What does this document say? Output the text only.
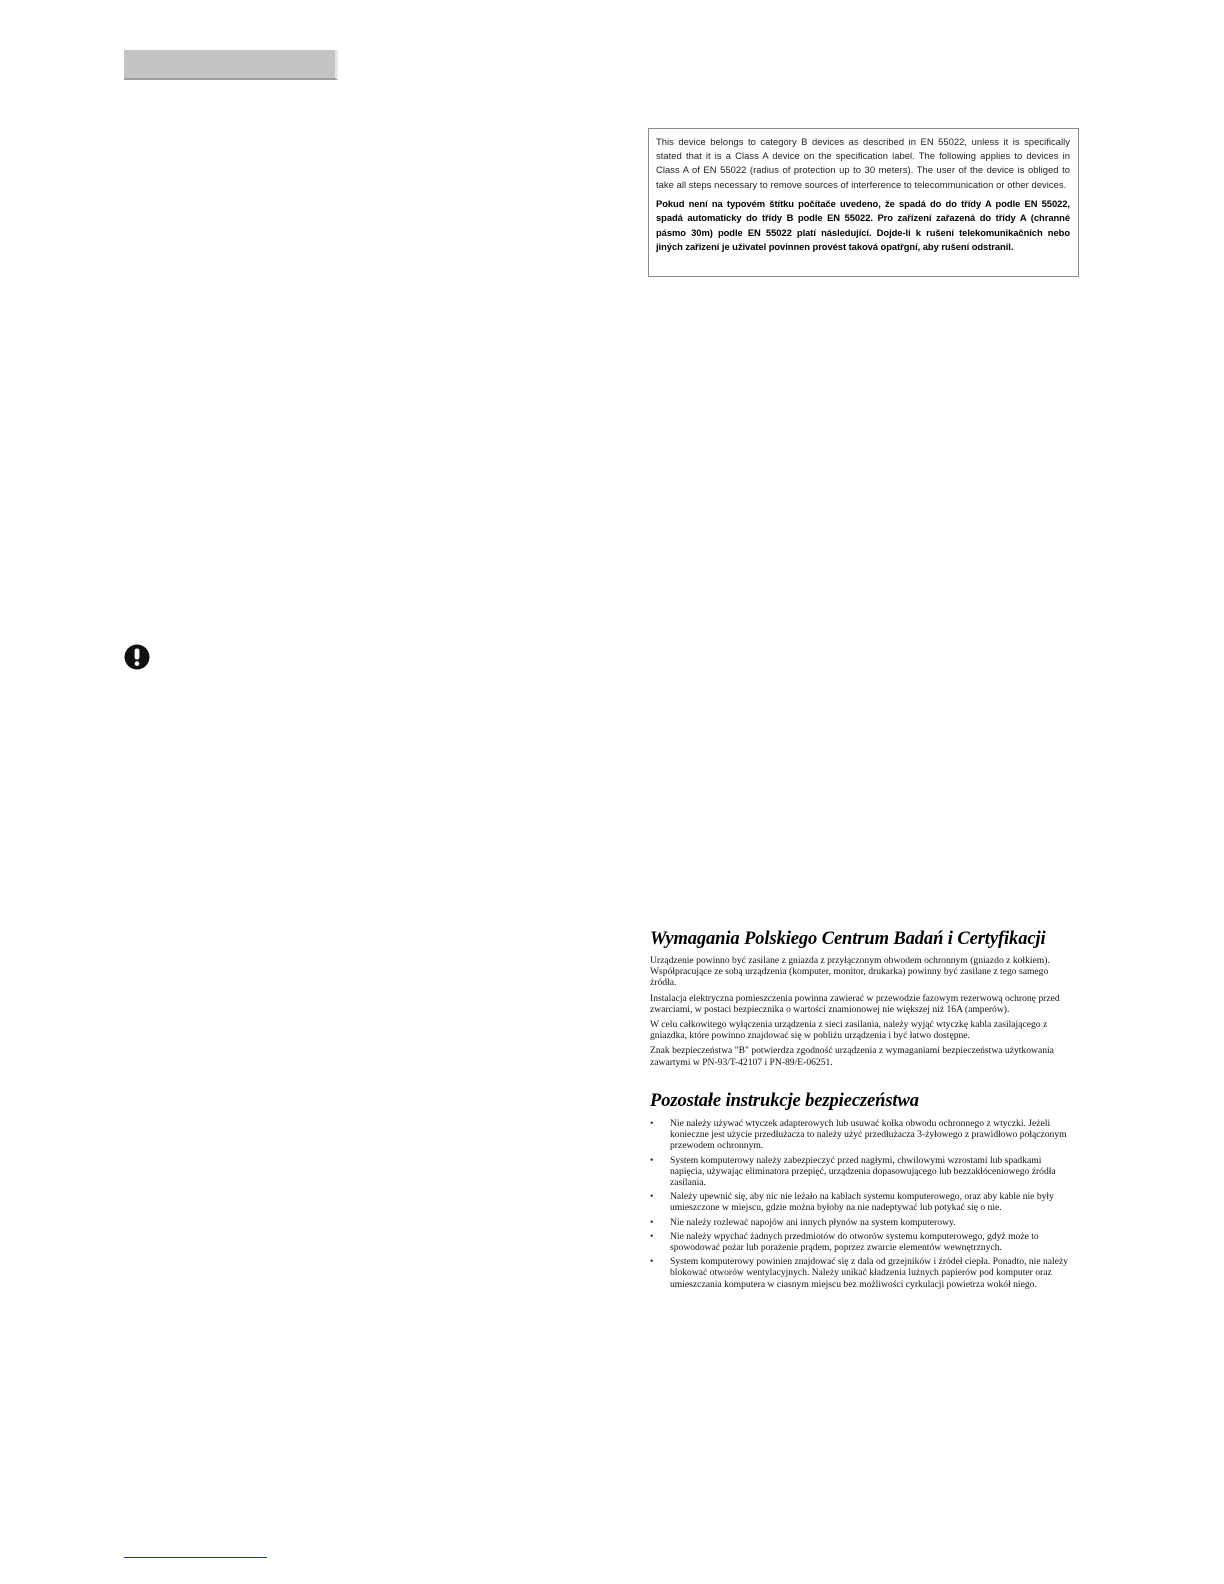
This device belongs to category B devices as described in EN 55022, unless it is specifically stated that it is a Class A device on the specification label. The following applies to devices in Class A of EN 55022 (radius of protection up to 30 meters). The user of the device is obliged to take all steps necessary to remove sources of interference to telecommunication or other devices.

Pokud není na typovém štítku počítače uvedeno, že spadá do do třídy A podle EN 55022, spadá automaticky do třídy B podle EN 55022. Pro zařízení zařazená do třídy A (chranné pásmo 30m) podle EN 55022 platí následující. Dojde-li k rušení telekomunikačních nebo jiných zařízení je uživatel povinnen provést taková opatřgní, aby rušení odstranil.

Wymagania Polskiego Centrum Badań i Certyfikacji

Urządzenie powinno być zasilane z gniazda z przyłączonym obwodem ochronnym (gniazdo z kołkiem). Współpracujące ze sobą urządzenia (komputer, monitor, drukarka) powinny być zasilane z tego samego źródła.

Instalacja elektryczna pomieszczenia powinna zawierać w przewodzie fazowym rezerwową ochronę przed zwarciami, w postaci bezpiecznika o wartości znamionowej nie większej niż 16A (amperów).

W celu całkowitego wyłączenia urządzenia z sieci zasilania, należy wyjąć wtyczkę kabla zasilającego z gniazdka, które powinno znajdować się w pobliżu urządzenia i być łatwo dostępne.

Znak bezpieczeństwa "B" potwierdza zgodność urządzenia z wymaganiami bezpieczeństwa użytkowania zawartymi w PN-93/T-42107 i PN-89/E-06251.

Pozostałe instrukcje bezpieczeństwa
• Nie należy używać wtyczek adapterowych lub usuwać kołka obwodu ochronnego z wtyczki. Jeżeli konieczne jest użycie przedłużacza to należy użyć przedłużacza 3-żyłowego z prawidłowo połączonym przewodem ochronnym.
• System komputerowy należy zabezpieczyć przed nagłymi, chwilowymi wzrostami lub spadkami napięcia, używając eliminatora przepięć, urządzenia dopasowującego lub bezzakłóceniowego źródła zasilania.
• Należy upewnić się, aby nic nie leżało na kablach systemu komputerowego, oraz aby kable nie były umieszczone w miejscu, gdzie można byłoby na nie nadeptywać lub potykać się o nie.
• Nie należy rozlewać napojów ani innych płynów na system komputerowy.
• Nie należy wpychać żadnych przedmiotów do otworów systemu komputerowego, gdyż może to spowodować pożar lub porażenie prądem, poprzez zwarcie elementów wewnętrznych.
• System komputerowy powinien znajdować się z dala od grzejników i źródeł ciepła. Ponadto, nie należy blokować otworów wentylacyjnych. Należy unikać kładzenia luźnych papierów pod komputer oraz umieszczania komputera w ciasnym miejscu bez możliwości cyrkulacji powietrza wokół niego.
